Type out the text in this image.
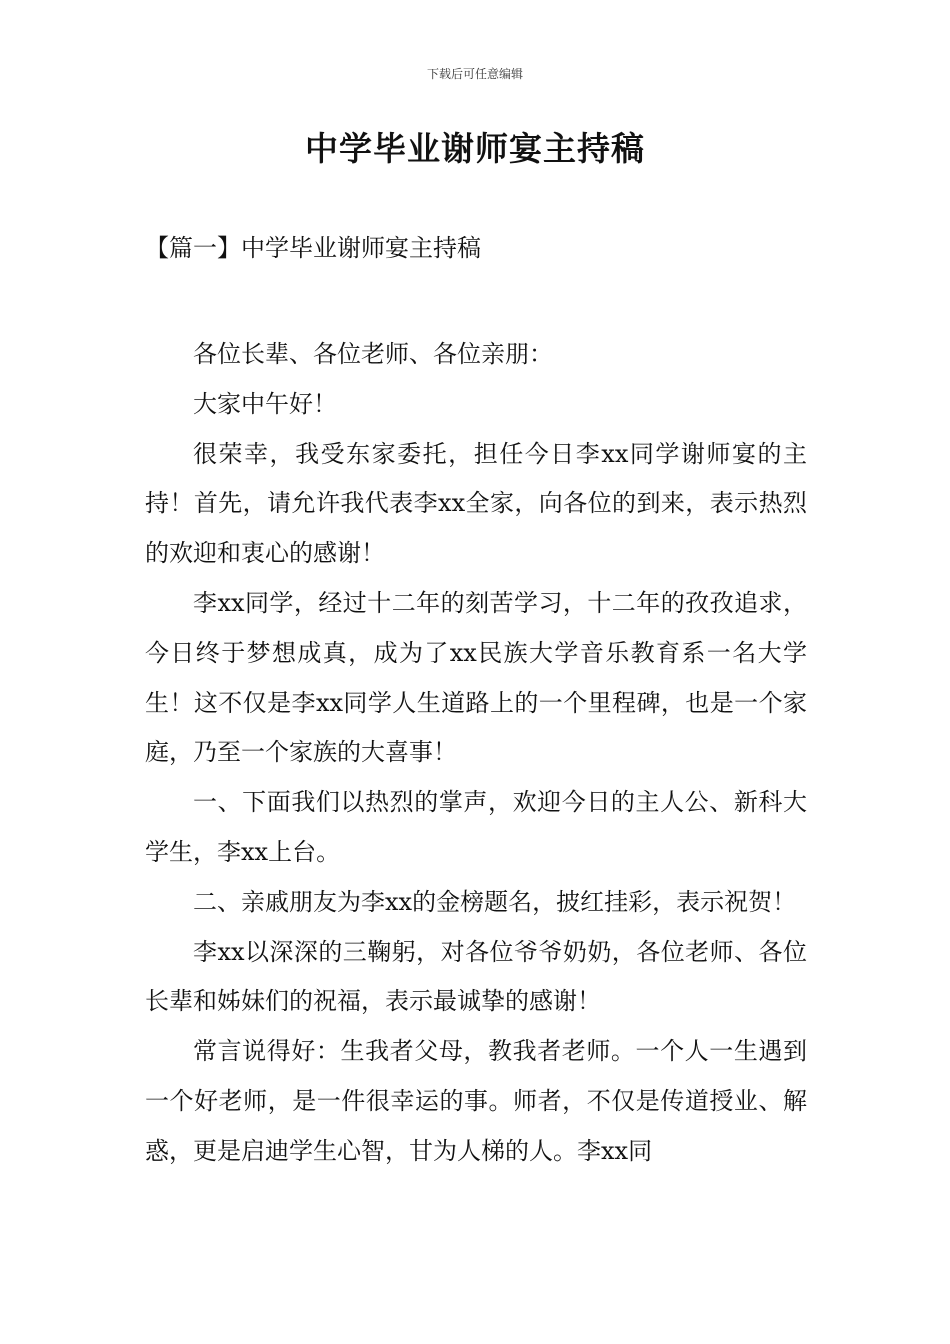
下载后可任意编辑
中学毕业谢师宴主持稿
【篇一】中学毕业谢师宴主持稿

各位长辈、各位老师、各位亲朋：

大家中午好！

很荣幸，我受东家委托，担任今日李xx同学谢师宴的主持！首先，请允许我代表李xx全家，向各位的到来，表示热烈的欢迎和衷心的感谢！

李xx同学，经过十二年的刻苦学习，十二年的孜孜追求，今日终于梦想成真，成为了xx民族大学音乐教育系一名大学生！这不仅是李xx同学人生道路上的一个里程碑，也是一个家庭，乃至一个家族的大喜事！

一、下面我们以热烈的掌声，欢迎今日的主人公、新科大学生，李xx上台。

二、亲戚朋友为李xx的金榜题名，披红挂彩，表示祝贺！

李xx以深深的三鞠躬，对各位爷爷奶奶，各位老师、各位长辈和姊妹们的祝福，表示最诚挚的感谢！

常言说得好：生我者父母，教我者老师。一个人一生遇到一个好老师，是一件很幸运的事。师者，不仅是传道授业、解惑，更是启迪学生心智，甘为人梯的人。李xx同
